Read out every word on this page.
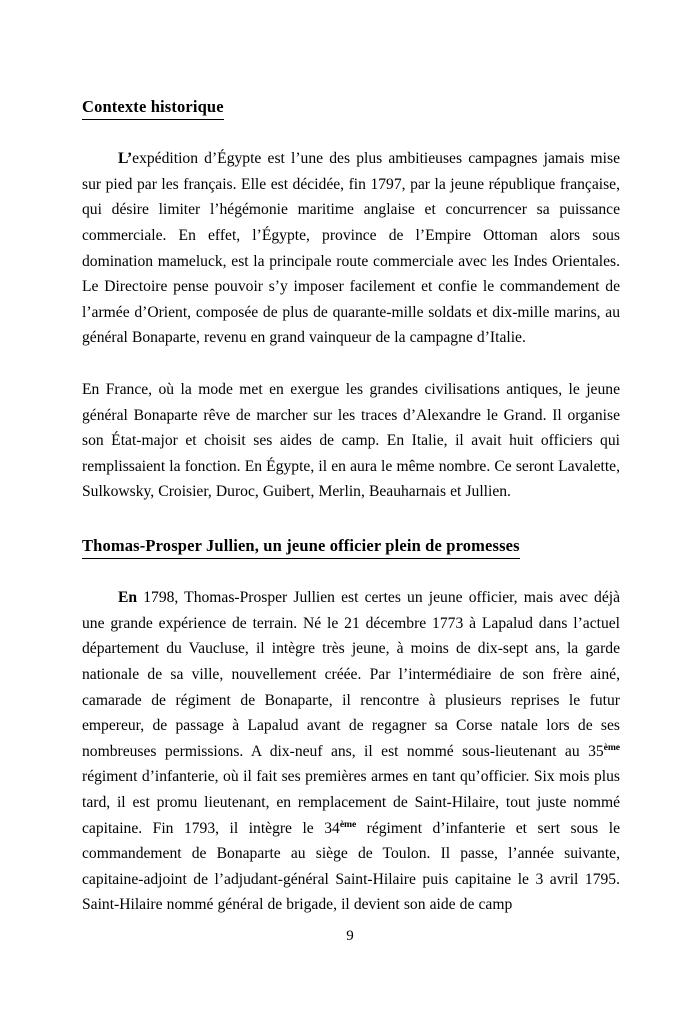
Contexte historique

L’expédition d’Égypte est l’une des plus ambitieuses campagnes jamais mise sur pied par les français. Elle est décidée, fin 1797, par la jeune république française, qui désire limiter l’hégémonie maritime anglaise et concurrencer sa puissance commerciale. En effet, l’Égypte, province de l’Empire Ottoman alors sous domination mameluck, est la principale route commerciale avec les Indes Orientales. Le Directoire pense pouvoir s’y imposer facilement et confie le commandement de l’armée d’Orient, composée de plus de quarante-mille soldats et dix-mille marins, au général Bonaparte, revenu en grand vainqueur de la campagne d’Italie.

En France, où la mode met en exergue les grandes civilisations antiques, le jeune général Bonaparte rêve de marcher sur les traces d’Alexandre le Grand. Il organise son État-major et choisit ses aides de camp. En Italie, il avait huit officiers qui remplissaient la fonction. En Égypte, il en aura le même nombre. Ce seront Lavalette, Sulkowsky, Croisier, Duroc, Guibert, Merlin, Beauharnais et Jullien.

Thomas-Prosper Jullien, un jeune officier plein de promesses

En 1798, Thomas-Prosper Jullien est certes un jeune officier, mais avec déjà une grande expérience de terrain. Né le 21 décembre 1773 à Lapalud dans l’actuel département du Vaucluse, il intègre très jeune, à moins de dix-sept ans, la garde nationale de sa ville, nouvellement créée. Par l’intermédiaire de son frère ainé, camarade de régiment de Bonaparte, il rencontre à plusieurs reprises le futur empereur, de passage à Lapalud avant de regagner sa Corse natale lors de ses nombreuses permissions. A dix-neuf ans, il est nommé sous-lieutenant au 35ème régiment d’infanterie, où il fait ses premières armes en tant qu’officier. Six mois plus tard, il est promu lieutenant, en remplacement de Saint-Hilaire, tout juste nommé capitaine. Fin 1793, il intègre le 34ème régiment d’infanterie et sert sous le commandement de Bonaparte au siège de Toulon. Il passe, l’année suivante, capitaine-adjoint de l’adjudant-général Saint-Hilaire puis capitaine le 3 avril 1795. Saint-Hilaire nommé général de brigade, il devient son aide de camp

9
